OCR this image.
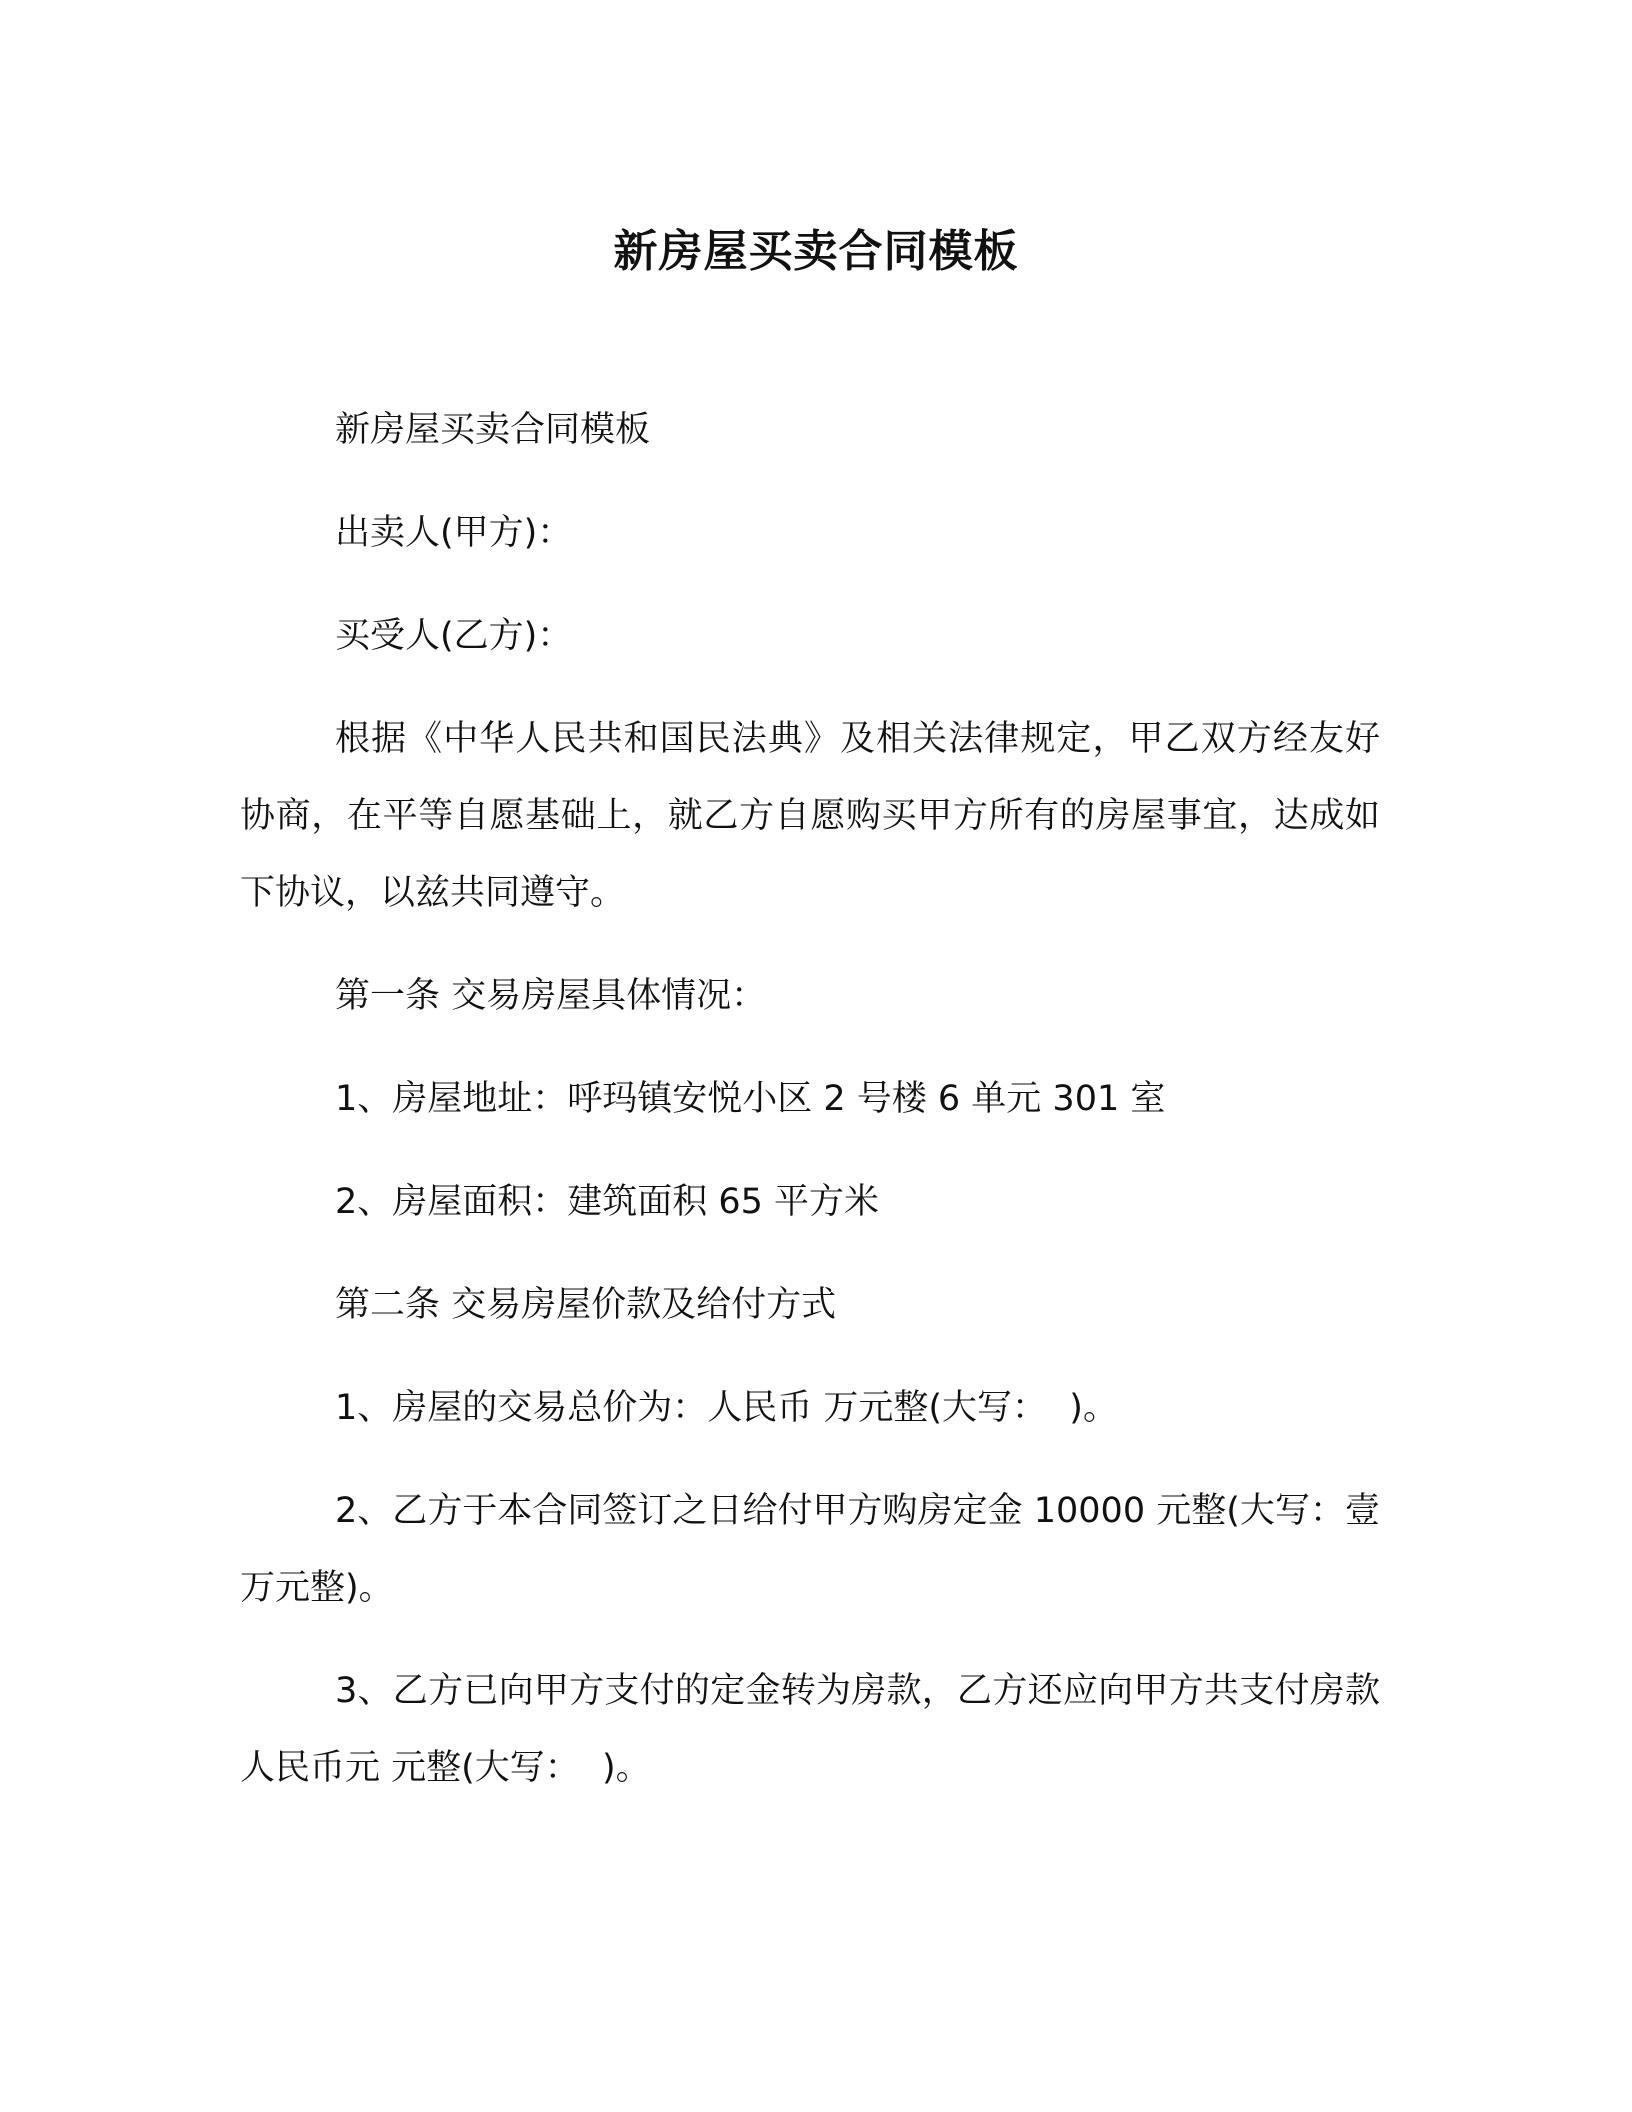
新房屋买卖合同模板

新房屋买卖合同模板

出卖人(甲方)：

买受人(乙方)：

根据《中华人民共和国民法典》及相关法律规定，甲乙双方经友好协商，在平等自愿基础上，就乙方自愿购买甲方所有的房屋事宜，达成如下协议，以兹共同遵守。

第一条 交易房屋具体情况：

1、房屋地址：呼玛镇安悦小区 2 号楼 6 单元 301 室

2、房屋面积：建筑面积 65 平方米

第二条 交易房屋价款及给付方式

1、房屋的交易总价为：人民币 万元整(大写：  )。

2、乙方于本合同签订之日给付甲方购房定金 10000 元整(大写：壹万元整)。

3、乙方已向甲方支付的定金转为房款，乙方还应向甲方共支付房款人民币元 元整(大写：  )。
